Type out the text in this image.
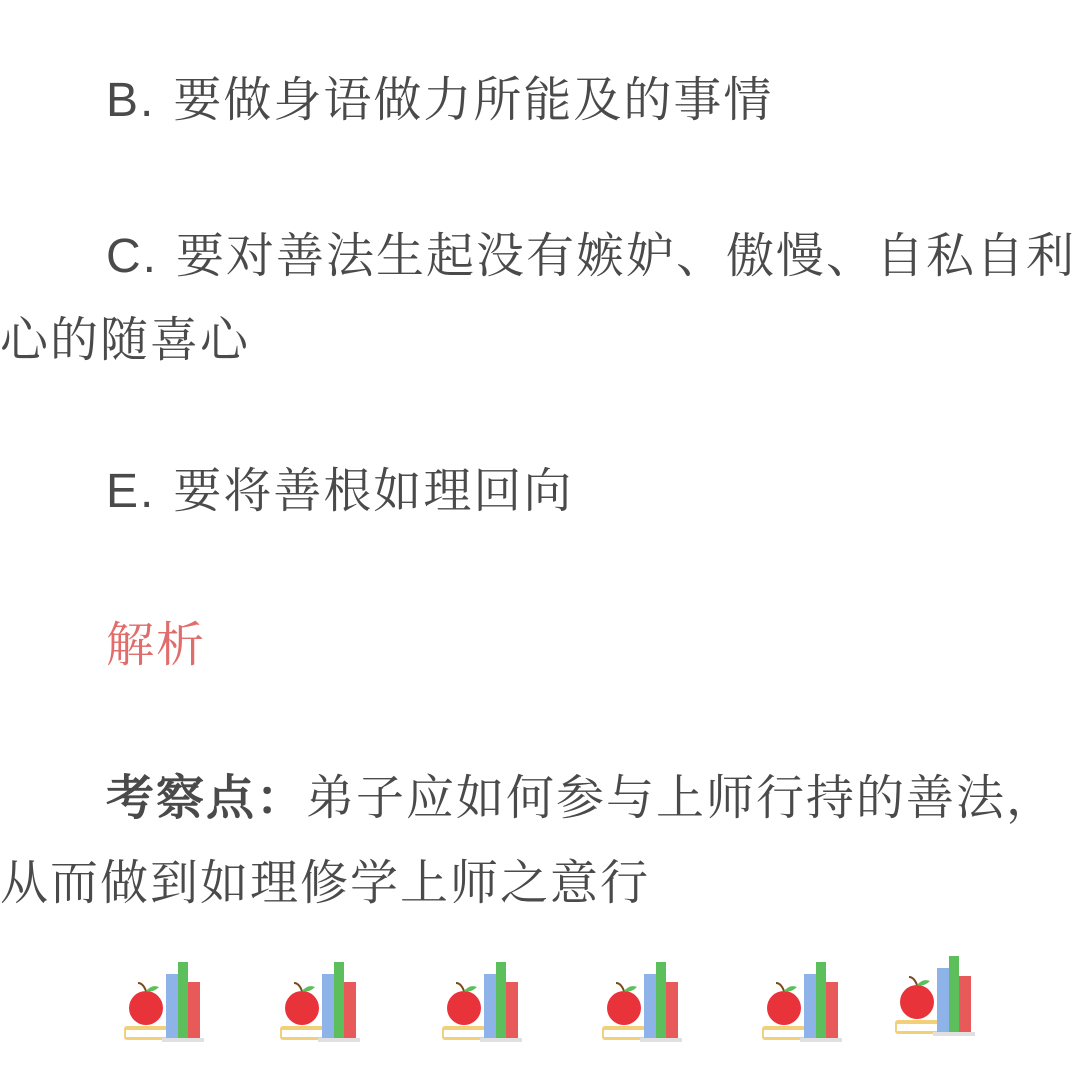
B. 要做身语做力所能及的事情

C. 要对善法生起没有嫉妒、傲慢、自私自利

心的随喜心

E. 要将善根如理回向

解析

考察点：弟子应如何参与上师行持的善法，

从而做到如理修学上师之意行
